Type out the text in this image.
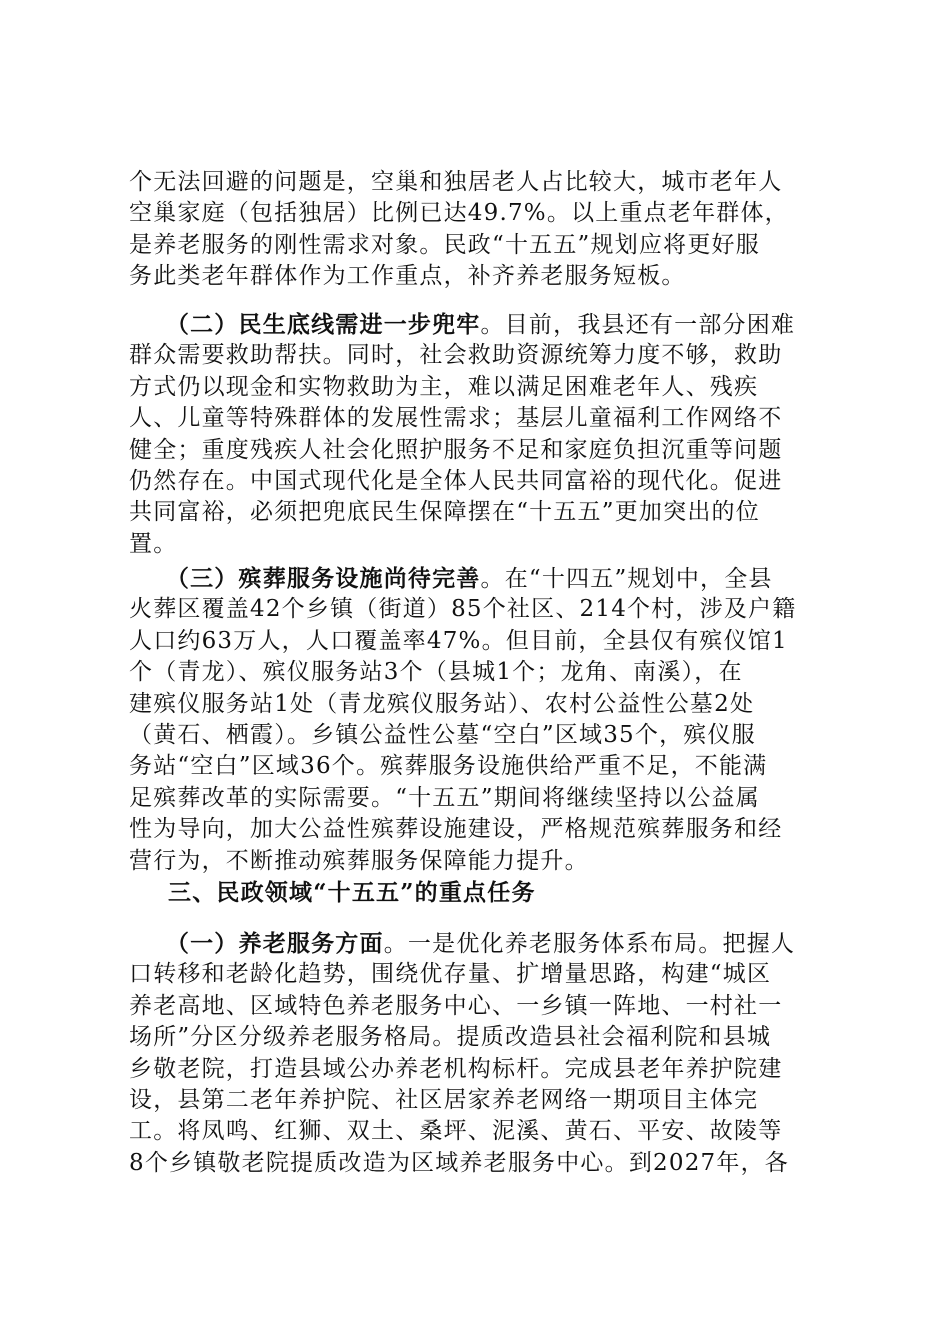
个无法回避的问题是，空巢和独居老人占比较大，城市老年人
空巢家庭（包括独居）比例已达49.7%。以上重点老年群体，
是养老服务的刚性需求对象。民政“十五五”规划应将更好服
务此类老年群体作为工作重点，补齐养老服务短板。
　　（二）民生底线需进一步兜牢。目前，我县还有一部分困难
群众需要救助帮扶。同时，社会救助资源统筹力度不够，救助
方式仍以现金和实物救助为主，难以满足困难老年人、残疾
人、儿童等特殊群体的发展性需求；基层儿童福利工作网络不
健全；重度残疾人社会化照护服务不足和家庭负担沉重等问题
仍然存在。中国式现代化是全体人民共同富裕的现代化。促进
共同富裕，必须把兜底民生保障摆在“十五五”更加突出的位
置。
　　（三）殡葬服务设施尚待完善。在“十四五”规划中，全县
火葬区覆盖42个乡镇（街道）85个社区、214个村，涉及户籍
人口约63万人，人口覆盖率47%。但目前，全县仅有殡仪馆1
个（青龙）、殡仪服务站3个（县城1个；龙角、南溪），在
建殡仪服务站1处（青龙殡仪服务站）、农村公益性公墓2处
（黄石、栖霞）。乡镇公益性公墓“空白”区域35个，殡仪服
务站“空白”区域36个。殡葬服务设施供给严重不足，不能满
足殡葬改革的实际需要。“十五五”期间将继续坚持以公益属
性为导向，加大公益性殡葬设施建设，严格规范殡葬服务和经
营行为，不断推动殡葬服务保障能力提升。
三、民政领域“十五五”的重点任务
　　（一）养老服务方面。一是优化养老服务体系布局。把握人
口转移和老龄化趋势，围绕优存量、扩增量思路，构建“城区
养老高地、区域特色养老服务中心、一乡镇一阵地、一村社一
场所”分区分级养老服务格局。提质改造县社会福利院和县城
乡敬老院，打造县域公办养老机构标杆。完成县老年养护院建
设，县第二老年养护院、社区居家养老网络一期项目主体完
工。将凤鸣、红狮、双土、桑坪、泥溪、黄石、平安、故陵等
8个乡镇敬老院提质改造为区域养老服务中心。到2027年，各
